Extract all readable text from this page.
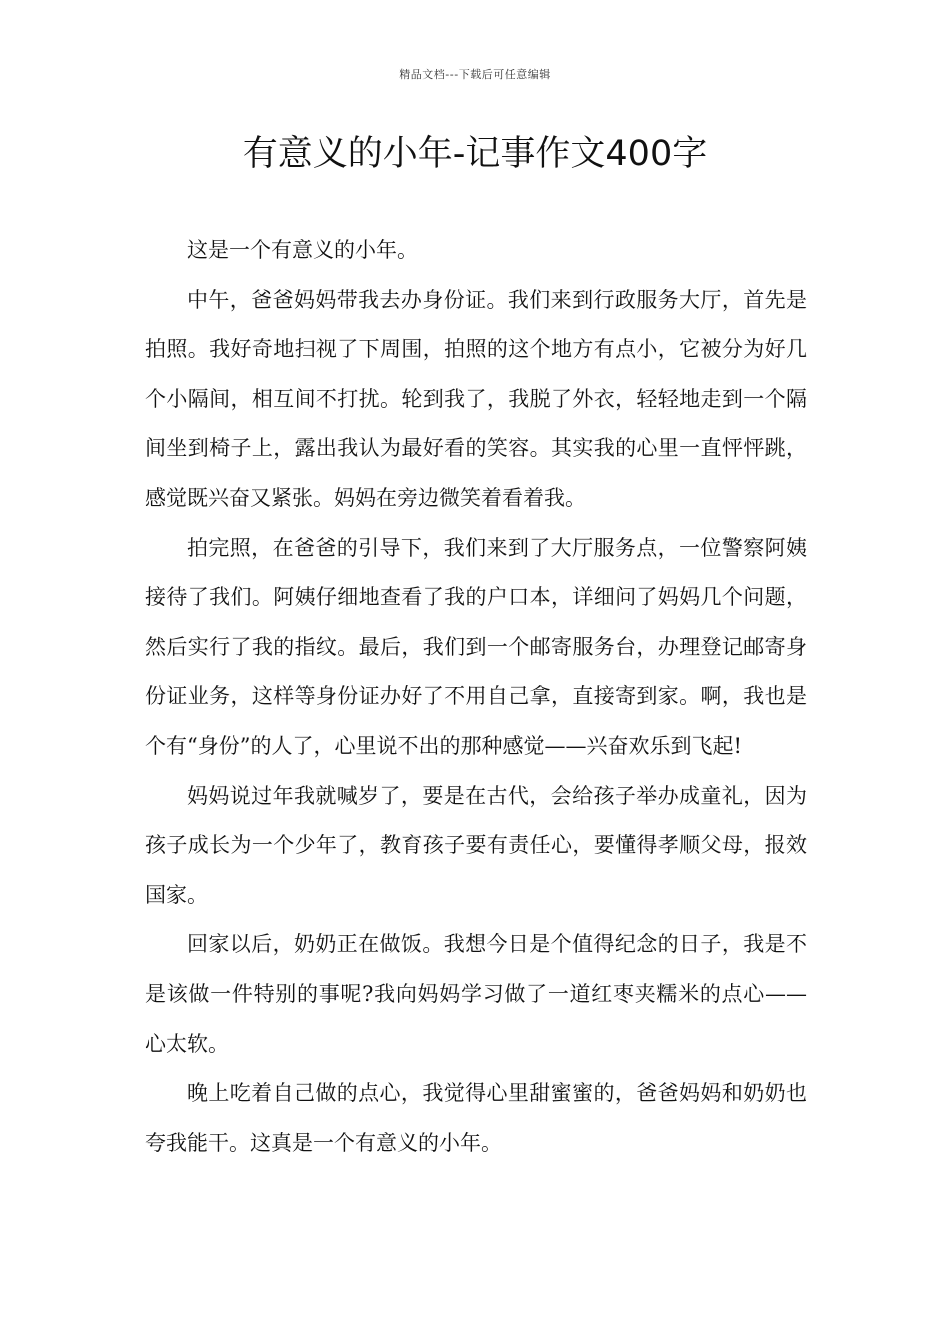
精品文档---下载后可任意编辑
有意义的小年-记事作文400字

这是一个有意义的小年。

中午，爸爸妈妈带我去办身份证。我们来到行政服务大厅，首先是拍照。我好奇地扫视了下周围，拍照的这个地方有点小，它被分为好几个小隔间，相互间不打扰。轮到我了，我脱了外衣，轻轻地走到一个隔间坐到椅子上，露出我认为最好看的笑容。其实我的心里一直怦怦跳，感觉既兴奋又紧张。妈妈在旁边微笑着看着我。

拍完照，在爸爸的引导下，我们来到了大厅服务点，一位警察阿姨接待了我们。阿姨仔细地查看了我的户口本，详细问了妈妈几个问题，然后实行了我的指纹。最后，我们到一个邮寄服务台，办理登记邮寄身份证业务，这样等身份证办好了不用自己拿，直接寄到家。啊，我也是个有“身份”的人了，心里说不出的那种感觉——兴奋欢乐到飞起!

妈妈说过年我就喊岁了，要是在古代，会给孩子举办成童礼，因为孩子成长为一个少年了，教育孩子要有责任心，要懂得孝顺父母，报效国家。

回家以后，奶奶正在做饭。我想今日是个值得纪念的日子，我是不是该做一件特别的事呢?我向妈妈学习做了一道红枣夹糯米的点心——心太软。

晚上吃着自己做的点心，我觉得心里甜蜜蜜的，爸爸妈妈和奶奶也夸我能干。这真是一个有意义的小年。
